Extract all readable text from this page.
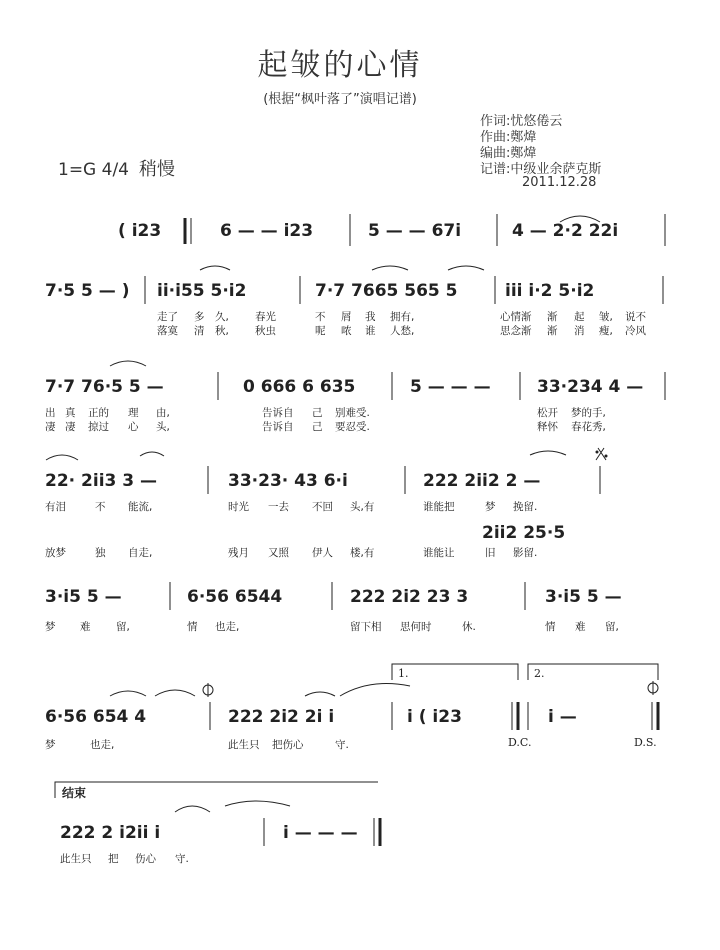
起皱的心情
(根据“枫叶落了”演唱记谱)
作词:忧悠倦云
作曲:鄭煒
编曲:鄭煒
记谱:中级业余萨克斯
2011.12.28
1=G 4/4 稍慢
( i23	6 — — i23	5 — — 67i	4 — 2·2 22i
7·5 5 — ) ii·i55 5·i2	7·7 7665 565 5	iii i·2 5·i2
走了 多 久, 春光	不 屑 我 拥有,	心情渐 渐 起 皱, 说不
落寞 清 秋, 秋虫	呢 哝 谁 人愁,	思念渐 渐 消 瘦, 冷风
7·7 76·5 5 —	0 666 6 635	5 — — —	33·234 4 —
出 真 正的 理 由,	告诉自 己 别难受.	松开 梦的手,
凄 凄 掠过 心 头,	告诉自 己 要忍受.	释怀 春花秀,
22· 2ii3 3 —	33·23· 43 6·i	222 2ii2 2 —
有泪	不 能流,	时光 一去 不回 头,有	谁能把	梦 挽留.
2ii2 25·5
放梦	独 自走,	残月 又照 伊人 楼,有	谁能让	旧 影留.
3·i5 5 —	6·56 6544	222 2i2 23 3	3·i5 5 —
梦 难 留,	情 也走,	留下相 思何时	休.	情 难 留,
1.	2.
6·56 654 4	222 2i2 2i i	i ( i23	i —
梦	也走,	此生只 把伤心	守.	D.C.	D.S.
结束
222 2 i2ii i	i — — —
此生只 把 伤心 守.
